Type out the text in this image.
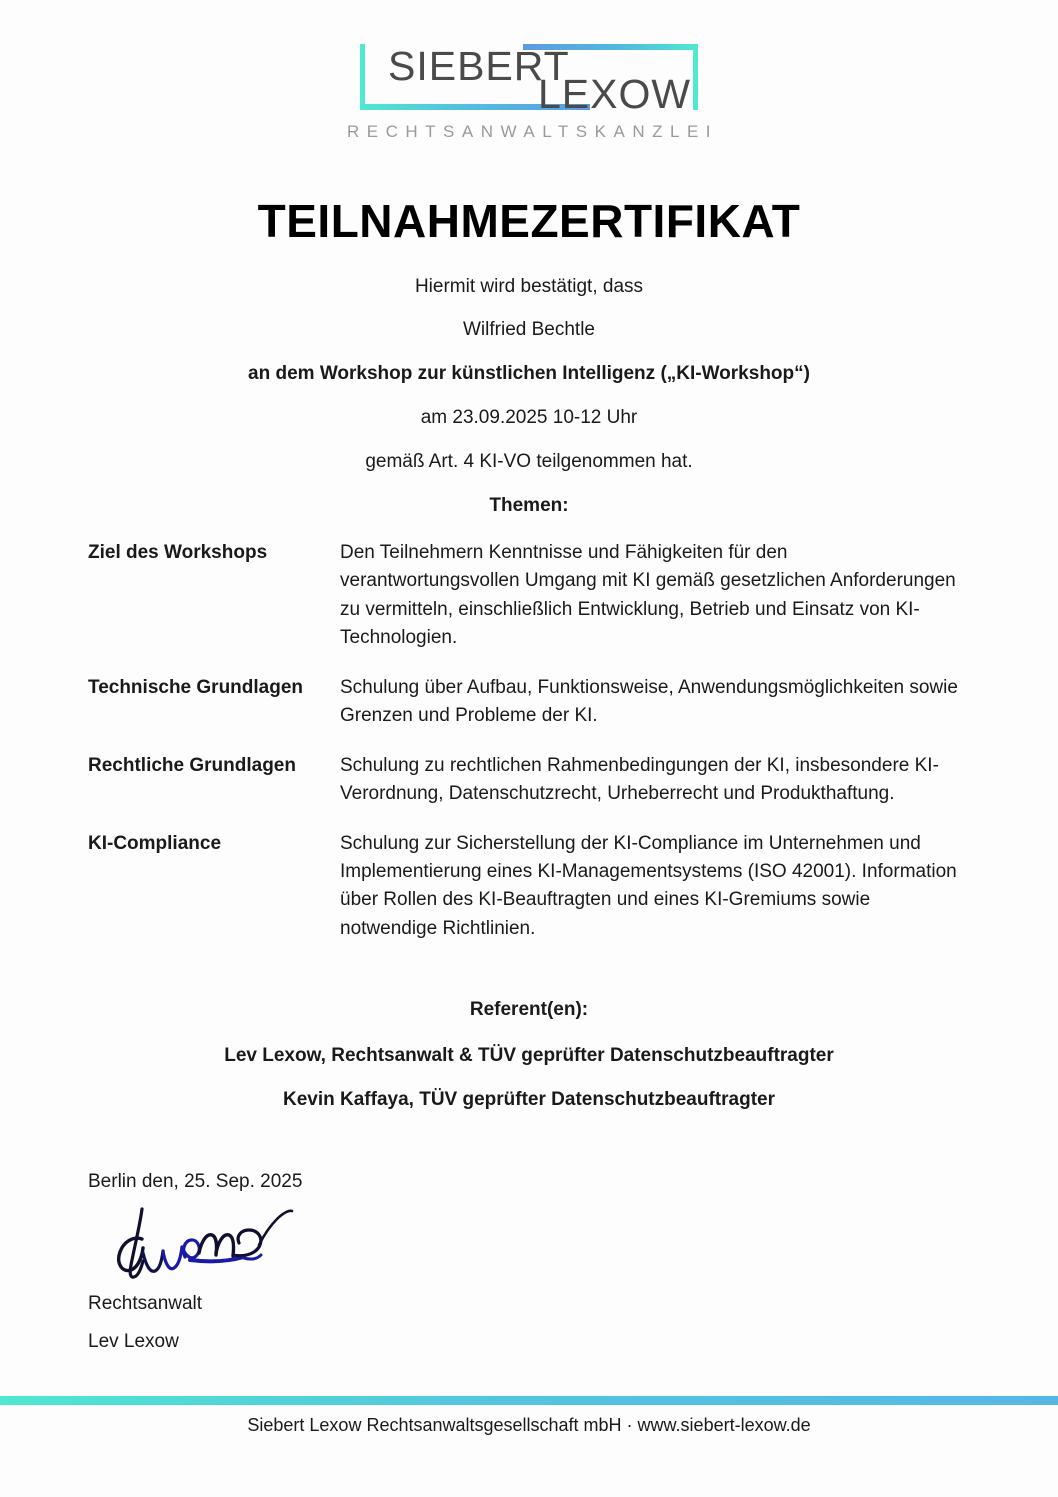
SIEBERT
LEXOW
RECHTSANWALTSKANZLEI
TEILNAHMEZERTIFIKAT

Hiermit wird bestätigt, dass

Wilfried Bechtle

an dem Workshop zur künstlichen Intelligenz („KI-Workshop“)

am 23.09.2025 10-12 Uhr

gemäß Art. 4 KI-VO teilgenommen hat.

Themen:
Ziel des Workshops	Den Teilnehmern Kenntnisse und Fähigkeiten für den verantwortungsvollen Umgang mit KI gemäß gesetzlichen Anforderungen zu vermitteln, einschließlich Entwicklung, Betrieb und Einsatz von KI-Technologien.
Technische Grundlagen	Schulung über Aufbau, Funktionsweise, Anwendungsmöglichkeiten sowie Grenzen und Probleme der KI.
Rechtliche Grundlagen	Schulung zu rechtlichen Rahmenbedingungen der KI, insbesondere KI-Verordnung, Datenschutzrecht, Urheberrecht und Produkthaftung.
KI-Compliance	Schulung zur Sicherstellung der KI-Compliance im Unternehmen und Implementierung eines KI-Managementsystems (ISO 42001). Information über Rollen des KI-Beauftragten und eines KI-Gremiums sowie notwendige Richtlinien.

Referent(en):

Lev Lexow, Rechtsanwalt & TÜV geprüfter Datenschutzbeauftragter

Kevin Kaffaya, TÜV geprüfter Datenschutzbeauftragter

Berlin den, 25. Sep. 2025

Rechtsanwalt

Lev Lexow

Siebert Lexow Rechtsanwaltsgesellschaft mbH · www.siebert-lexow.de
